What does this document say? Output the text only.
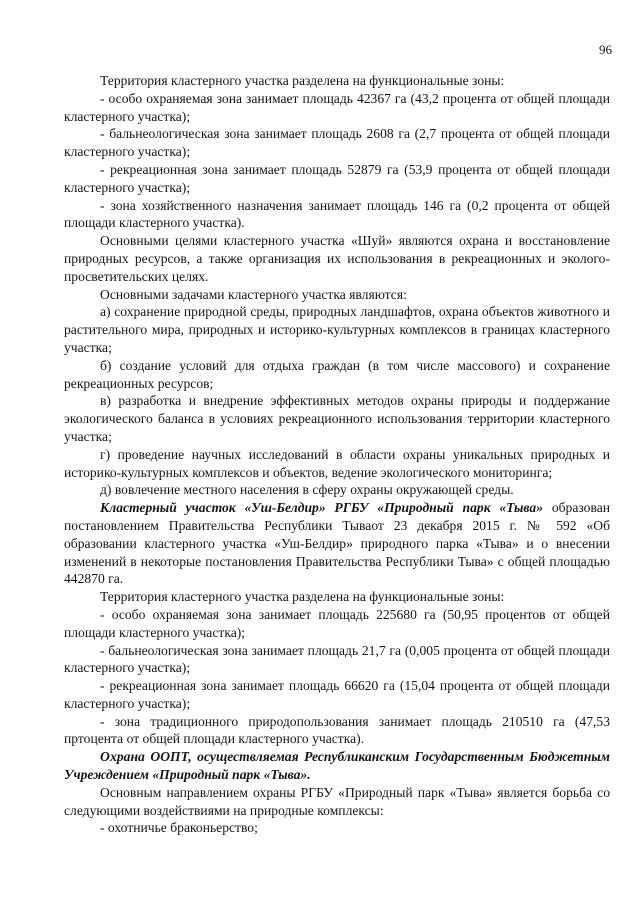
96

Территория кластерного участка разделена на функциональные зоны:

- особо охраняемая зона занимает площадь 42367 га (43,2 процента от общей площади кластерного участка);

- бальнеологическая зона занимает площадь 2608 га (2,7 процента от общей площади кластерного участка);

- рекреационная зона занимает площадь 52879 га (53,9 процента от общей площади кластерного участка);

- зона хозяйственного назначения занимает площадь 146 га (0,2 процента от общей площади кластерного участка).

Основными целями кластерного участка «Шуй» являются охрана и восстановление природных ресурсов, а также организация их использования в рекреационных и эколого-просветительских целях.

Основными задачами кластерного участка являются:

а) сохранение природной среды, природных ландшафтов, охрана объектов животного и растительного мира, природных и историко-культурных комплексов в границах кластерного участка;

б) создание условий для отдыха граждан (в том числе массового) и сохранение рекреационных ресурсов;

в) разработка и внедрение эффективных методов охраны природы и поддержание экологического баланса в условиях рекреационного использования территории кластерного участка;

г) проведение научных исследований в области охраны уникальных природных и историко-культурных комплексов и объектов, ведение экологического мониторинга;

д) вовлечение местного населения в сферу охраны окружающей среды.

Кластерный участок «Уш-Белдир» РГБУ «Природный парк «Тыва» образован постановлением Правительства Республики Тываот 23 декабря 2015 г. № 592 «Об образовании кластерного участка «Уш-Белдир» природного парка «Тыва» и о внесении изменений в некоторые постановления Правительства Республики Тыва» с общей площадью 442870 га.

Территория кластерного участка разделена на функциональные зоны:

- особо охраняемая зона занимает площадь 225680 га (50,95 процентов от общей площади кластерного участка);

- бальнеологическая зона занимает площадь 21,7 га (0,005 процента от общей площади кластерного участка);

- рекреационная зона занимает площадь 66620 га (15,04 процента от общей площади кластерного участка);

- зона традиционного природопользования занимает площадь 210510 га (47,53 пртоцента от общей площади кластерного участка).

Охрана ООПТ, осуществляемая Республиканским Государственным Бюджетным Учреждением «Природный парк «Тыва».

Основным направлением охраны РГБУ «Природный парк «Тыва» является борьба со следующими воздействиями на природные комплексы:

- охотничье браконьерство;
